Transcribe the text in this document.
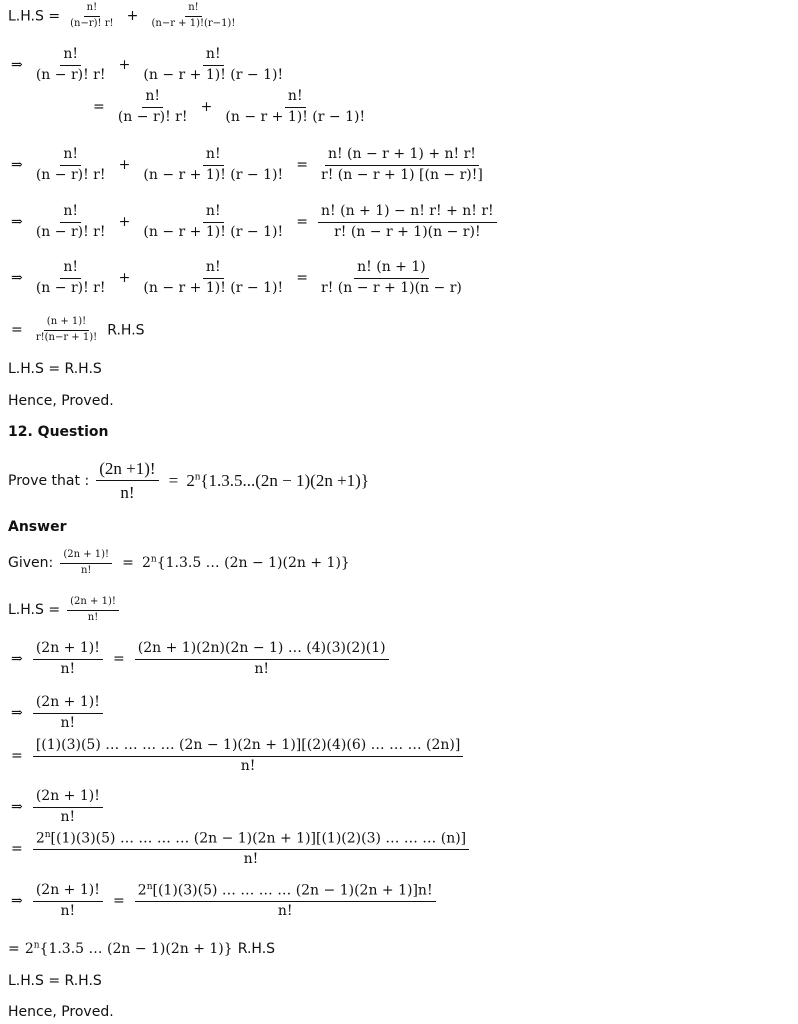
$L.H.S = \frac{n!}{(n-r)! r!} + \frac{n!}{(n-r + 1)!(r-1)!}$
⇒ $\frac{n!}{(n - r)! r!} + \frac{n!}{(n - r + 1)! (r - 1)!}$
= $\frac{n!}{(n - r)! r!} + \frac{n!}{(n - r + 1)! (r - 1)!}$
⇒ $\frac{n!}{(n - r)! r!} + \frac{n!}{(n - r + 1)! (r - 1)!} = \frac{n! (n - r + 1) + n! r!}{r! (n - r + 1) [(n - r)!]}$
⇒ $\frac{n!}{(n - r)! r!} + \frac{n!}{(n - r + 1)! (r - 1)!} = \frac{n! (n + 1) - n! r! + n! r!}{r! (n - r + 1)(n - r)!}$
⇒ $\frac{n!}{(n - r)! r!} + \frac{n!}{(n - r + 1)! (r - 1)!} = \frac{n! (n + 1)}{r! (n - r + 1)(n - r)}$
= $\frac{(n + 1)!}{r!(n-r + 1)!} R.H.S$
L.H.S = R.H.S
Hence, Proved.
12. Question
Prove that : $\frac{(2n +1)!}{n!} = 2^n\{1.3.5...(2n - 1)(2n +1)\}$
Answer
Given: $\frac{(2n + 1)!}{n!} = 2^n\{1.3.5$ … (2n − 1)(2n + 1)}
$L.H.S = \frac{(2n + 1)!}{n!}$
⇒ $\frac{(2n + 1)!}{n!} = \frac{(2n + 1)(2n)(2n - 1) \dots (4)(3)(2)(1)}{n!}$
⇒ $\frac{(2n + 1)!}{n!}$
= $\frac{[(1)(3)(5) \dots \dots \dots \dots (2n - 1)(2n + 1)][(2)(4)(6) \dots \dots \dots (2n)]}{n!}$
⇒ $\frac{(2n + 1)!}{n!}$
= $\frac{2^n[(1)(3)(5) \dots \dots \dots \dots (2n - 1)(2n + 1)][(1)(2)(3) \dots \dots \dots (n)]}{n!}$
⇒ $\frac{(2n + 1)!}{n!} = \frac{2^n[(1)(3)(5) \dots \dots \dots \dots (2n - 1)(2n + 1)]n!}{n!}$
= $2^n\{1.3.5$ … (2n − 1)(2n + 1)} R.H.S
L.H.S = R.H.S
Hence, Proved.
